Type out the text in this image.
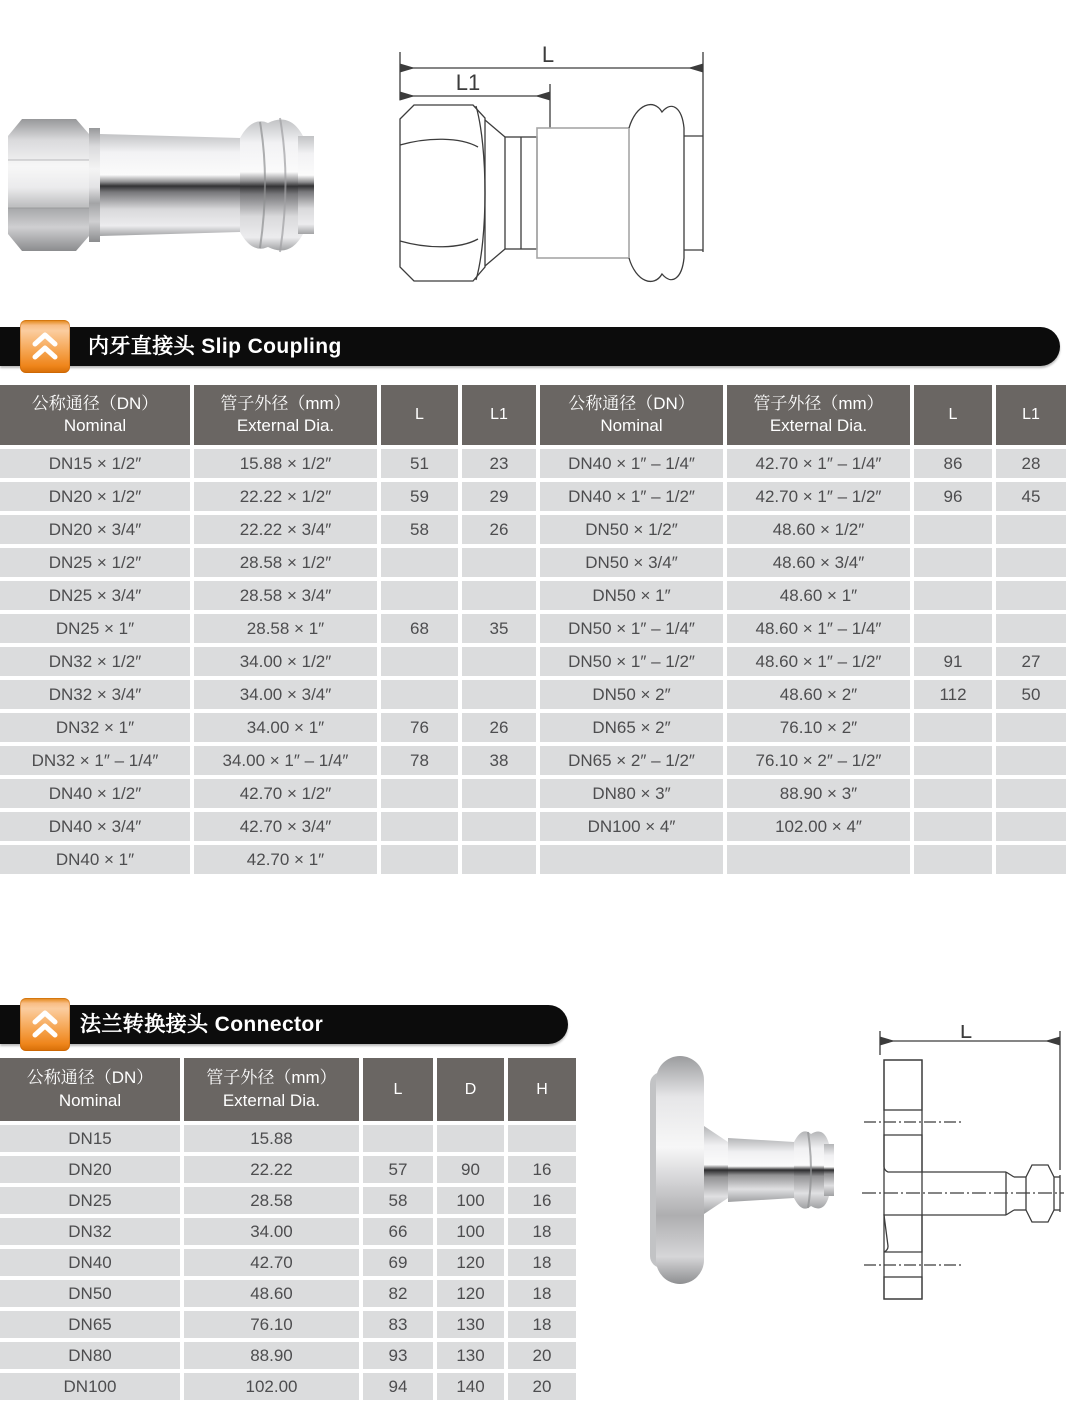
L
L1
内牙直接头 Slip Coupling
公称通径（DN）
Nominal

管子外径（mm）
External Dia.
	L	L1	
公称通径（DN）
Nominal

管子外径（mm）
External Dia.
	L	L1
DN15 × 1/2″	15.88 × 1/2″	51	23	DN40 × 1″ – 1/4″	42.70 × 1″ – 1/4″	86	28
DN20 × 1/2″	22.22 × 1/2″	59	29	DN40 × 1″ – 1/2″	42.70 × 1″ – 1/2″	96	45
DN20 × 3/4″	22.22 × 3/4″	58	26	DN50 × 1/2″	48.60 × 1/2″		
DN25 × 1/2″	28.58 × 1/2″			DN50 × 3/4″	48.60 × 3/4″		
DN25 × 3/4″	28.58 × 3/4″			DN50 × 1″	48.60 × 1″		
DN25 × 1″	28.58 × 1″	68	35	DN50 × 1″ – 1/4″	48.60 × 1″ – 1/4″		
DN32 × 1/2″	34.00 × 1/2″			DN50 × 1″ – 1/2″	48.60 × 1″ – 1/2″	91	27
DN32 × 3/4″	34.00 × 3/4″			DN50 × 2″	48.60 × 2″	112	50
DN32 × 1″	34.00 × 1″	76	26	DN65 × 2″	76.10 × 2″		
DN32 × 1″ – 1/4″	34.00 × 1″ – 1/4″	78	38	DN65 × 2″ – 1/2″	76.10 × 2″ – 1/2″		
DN40 × 1/2″	42.70 × 1/2″			DN80 × 3″	88.90 × 3″		
DN40 × 3/4″	42.70 × 3/4″			DN100 × 4″	102.00 × 4″		
DN40 × 1″	42.70 × 1″						
法兰转换接头 Connector
公称通径（DN）
Nominal

管子外径（mm）
External Dia.
	L	D	H
DN15	15.88			
DN20	22.22	57	90	16
DN25	28.58	58	100	16
DN32	34.00	66	100	18
DN40	42.70	69	120	18
DN50	48.60	82	120	18
DN65	76.10	83	130	18
DN80	88.90	93	130	20
DN100	102.00	94	140	20
L
